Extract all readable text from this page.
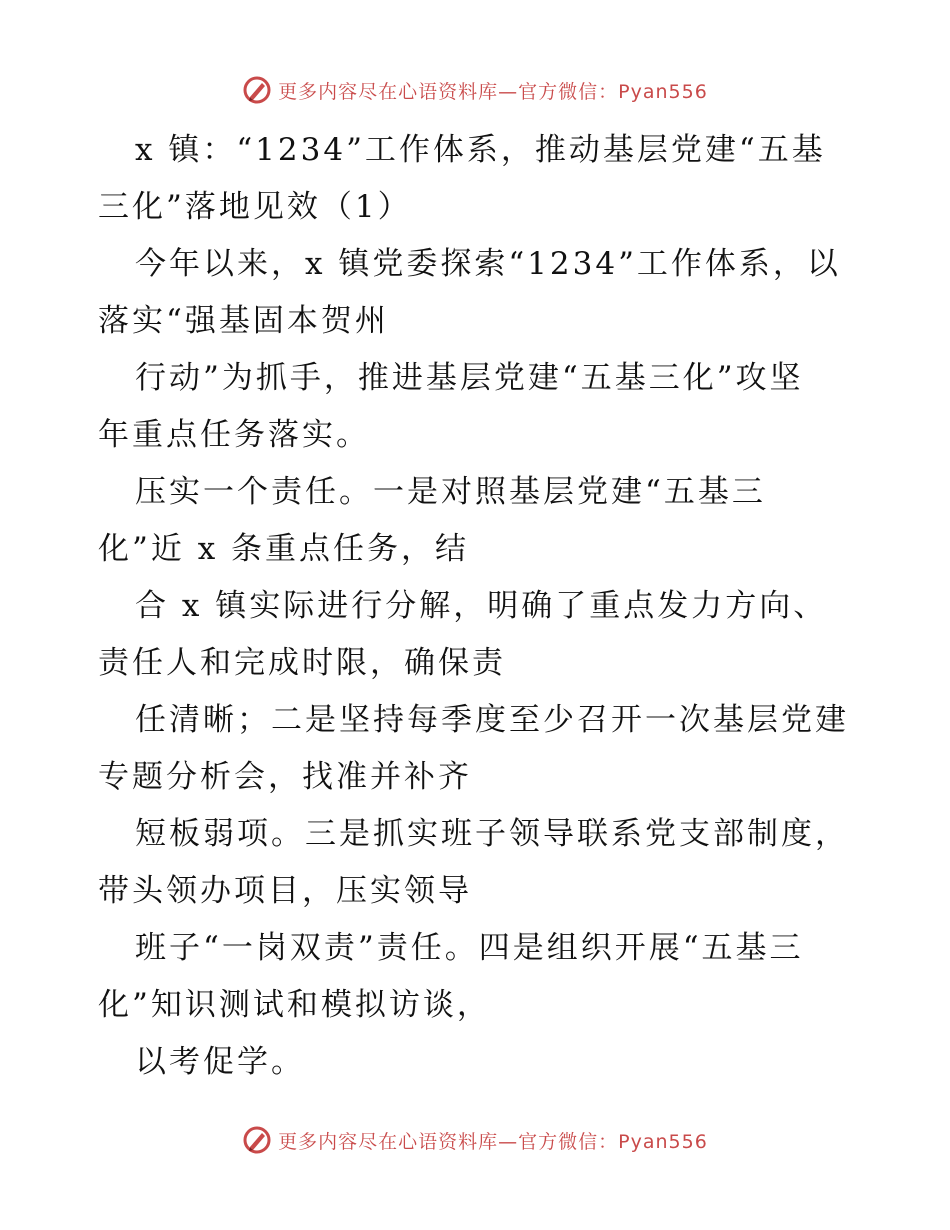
更多内容尽在心语资料库—官方微信：Pyan556
x 镇：“1234”工作体系，推动基层党建“五基
三化”落地见效（1）
今年以来，x 镇党委探索“1234”工作体系，以
落实“强基固本贺州
行动”为抓手，推进基层党建“五基三化”攻坚
年重点任务落实。
压实一个责任。一是对照基层党建“五基三
化”近 x 条重点任务，结
合 x 镇实际进行分解，明确了重点发力方向、
责任人和完成时限，确保责
任清晰；二是坚持每季度至少召开一次基层党建
专题分析会，找准并补齐
短板弱项。三是抓实班子领导联系党支部制度，
带头领办项目，压实领导
班子“一岗双责”责任。四是组织开展“五基三
化”知识测试和模拟访谈，
以考促学。
更多内容尽在心语资料库—官方微信：Pyan556
